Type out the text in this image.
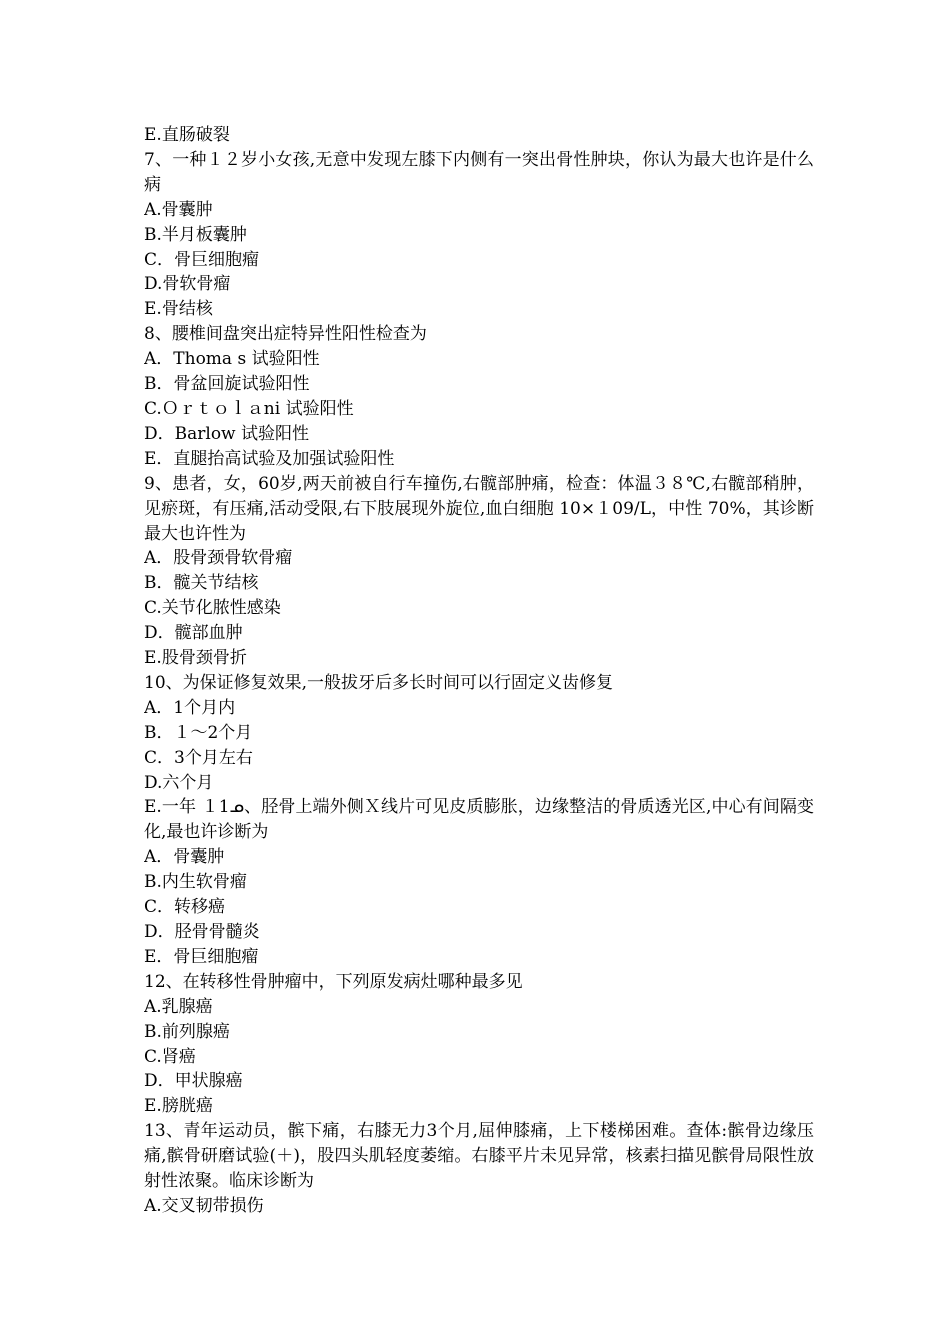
E.直肠破裂
7、一种１２岁小女孩,无意中发现左膝下内侧有一突出骨性肿块，你认为最大也许是什么病
A.骨囊肿
B.半月板囊肿
C．骨巨细胞瘤
D.骨软骨瘤
E.骨结核
8、腰椎间盘突出症特异性阳性检查为
A．Thoma s 试验阳性
B．骨盆回旋试验阳性
C.Ｏｒｔｏｌａni 试验阳性
D．Barlow 试验阳性
E．直腿抬高试验及加强试验阳性
9、患者，女，60岁,两天前被自行车撞伤,右髋部肿痛，检查：体温３８℃,右髋部稍肿，见瘀斑，有压痛,活动受限,右下肢展现外旋位,血白细胞 10×１09/L，中性 70%，其诊断最大也许性为
A．股骨颈骨软骨瘤
B．髋关节结核
C.关节化脓性感染
D．髋部血肿
E.股骨颈骨折
10、为保证修复效果,一般拔牙后多长时间可以行固定义齿修复
A．1个月内
B．１～2个月
C．3个月左右
D.六个月
E.一年 １1ᓄ、胫骨上端外侧Ｘ线片可见皮质膨胀，边缘整洁的骨质透光区,中心有间隔变化,最也许诊断为
A．骨囊肿
B.内生软骨瘤
C．转移癌
D．胫骨骨髓炎
E．骨巨细胞瘤
12、在转移性骨肿瘤中，下列原发病灶哪种最多见
A.乳腺癌
B.前列腺癌
C.肾癌
D．甲状腺癌
E.膀胱癌
13、青年运动员，髌下痛，右膝无力3个月,屈伸膝痛，上下楼梯困难。查体:髌骨边缘压痛,髌骨研磨试验(＋)，股四头肌轻度萎缩。右膝平片未见异常，核素扫描见髌骨局限性放射性浓聚。临床诊断为
A.交叉韧带损伤
